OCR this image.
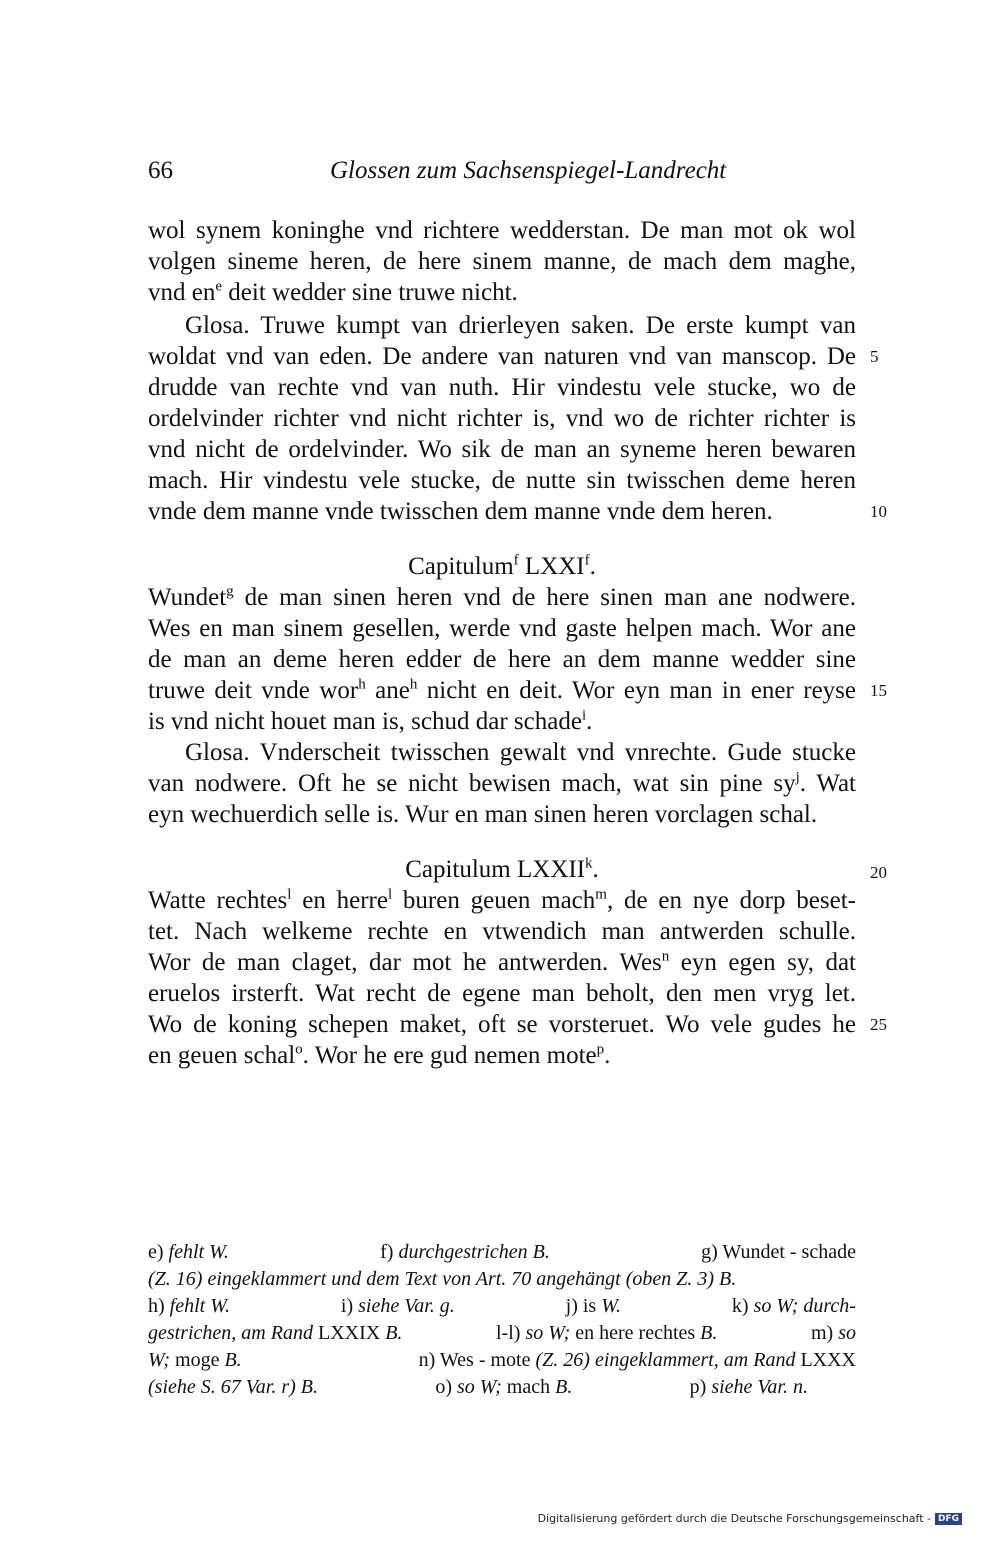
66	Glossen zum Sachsenspiegel-Landrecht
wol synem koninghe vnd richtere wedderstan. De man mot ok wol
volgen sineme heren, de here sinem manne, de mach dem maghe,
vnd $en^e$ deit wedder sine truwe nicht.
Glosa. Truwe kumpt van drierleyen saken. De erste kumpt van
woldat vnd van eden. De andere van naturen vnd van manscop. De
drudde van rechte vnd van nuth. Hir vindestu vele stucke, wo de
ordelvinder richter vnd nicht richter is, vnd wo de richter richter is
vnd nicht de ordelvinder. Wo sik de man an syneme heren bewaren
mach. Hir vindestu vele stucke, de nutte sin twisschen deme heren
vnde dem manne vnde twisschen dem manne vnde dem heren.
5
10
Capitulum$^f$ LXXI$^f$.
Wundet$^g$ de man sinen heren vnd de here sinen man ane nodwere.
Wes en man sinem gesellen, werde vnd gaste helpen mach. Wor ane
de man an deme heren edder de here an dem manne wedder sine
truwe deit vnde wor$^h$ ane$^h$ nicht en deit. Wor eyn man in ener reyse
is vnd nicht houet man is, schud dar schade$^i$.
Glosa. Vnderscheit twisschen gewalt vnd vnrechte. Gude stucke
van nodwere. Oft he se nicht bewisen mach, wat sin pine $sy^j$. Wat
eyn wechuerdich selle is. Wur en man sinen heren vorclagen schal.
15
Capitulum LXXII$^k$.	20
Watte rechtes$^l$ en herre$^l$ buren geuen mach$^m$, de en nye dorp beset-
tet. Nach welkeme rechte en vtwendich man antwerden schulle.
Wor de man claget, dar mot he antwerden. Wes$^n$ eyn egen sy, dat
eruelos irsterft. Wat recht de egene man beholt, den men vryg let.
Wo de koning schepen maket, oft se vorsteruet. Wo vele gudes he
en geuen schal$^o$. Wor he ere gud nemen mote$^p$.
25
e) fehlt W.	f) durchgestrichen B.	g) Wundet - schade
(Z. 16) eingeklammert und dem Text von Art. 70 angehängt (oben Z. 3) B.
h) fehlt W.	i) siehe Var. g.	j) is W.	k) so W; durch-
gestrichen, am Rand LXXIX B.	l-l) so W; en here rechtes B.	m) so
W; moge B.	n) Wes - mote (Z. 26) eingeklammert, am Rand LXXX
(siehe S. 67 Var. r) B.	o) so W; mach B.	p) siehe Var. n.
Digitalisierung gefördert durch die Deutsche Forschungsgemeinschaft - DFG
